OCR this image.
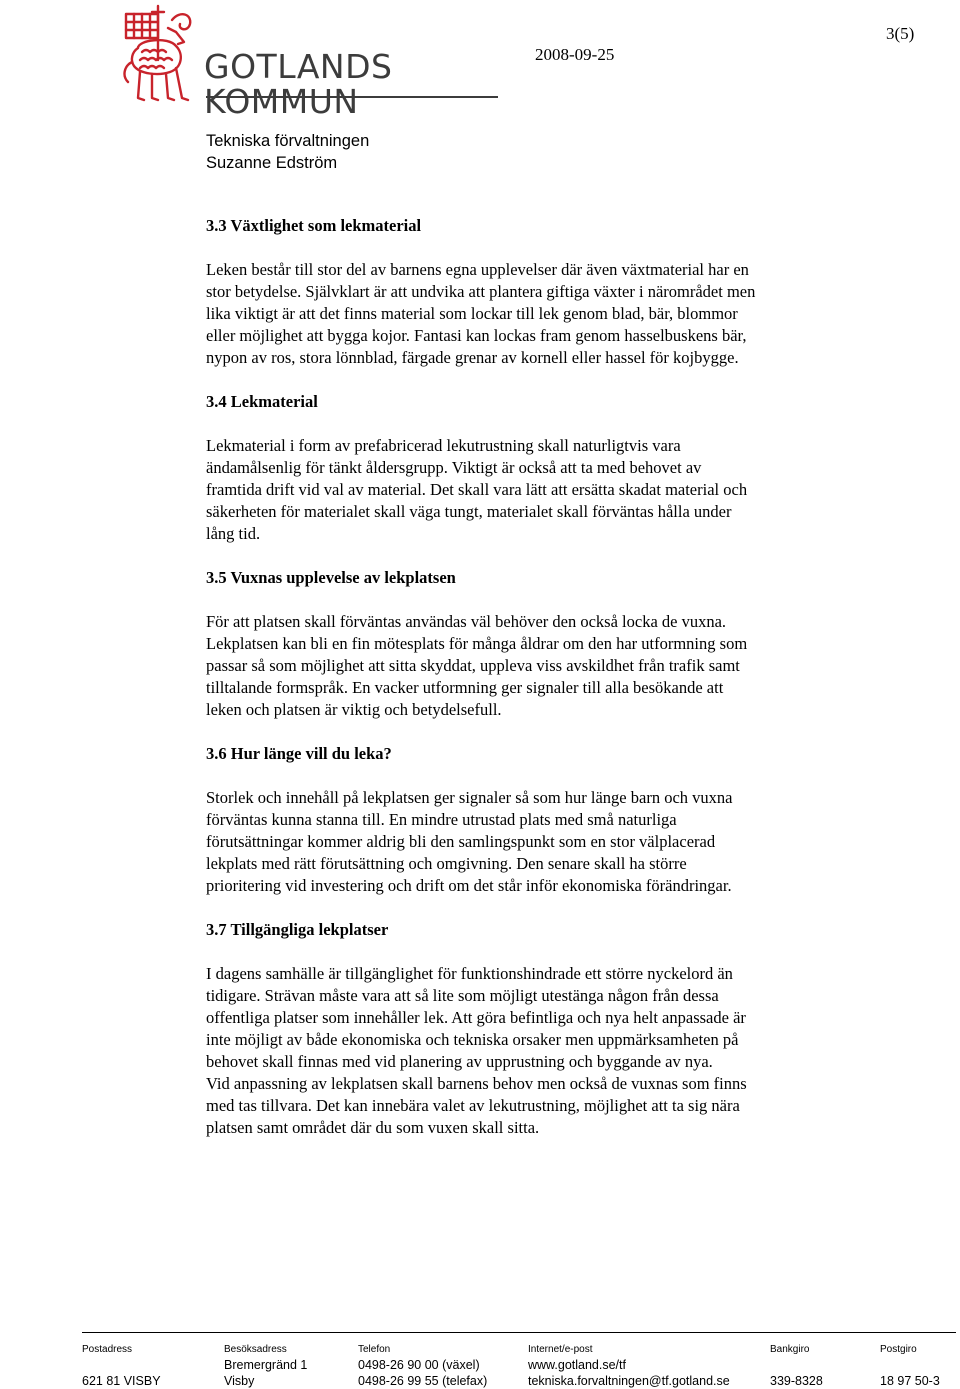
GOTLANDS
KOMMUN
2008-09-25
3(5)
Tekniska förvaltningen
Suzanne Edström
3.3 Växtlighet som lekmaterial
Leken består till stor del av barnens egna upplevelser där även växtmaterial har en
stor betydelse. Självklart är att undvika att plantera giftiga växter i närområdet men
lika viktigt är att det finns material som lockar till lek genom blad, bär, blommor
eller möjlighet att bygga kojor. Fantasi kan lockas fram genom hasselbuskens bär,
nypon av ros, stora lönnblad, färgade grenar av kornell eller hassel för kojbygge.
3.4 Lekmaterial
Lekmaterial i form av prefabricerad lekutrustning skall naturligtvis vara
ändamålsenlig för tänkt åldersgrupp. Viktigt är också att ta med behovet av
framtida drift vid val av material. Det skall vara lätt att ersätta skadat material och
säkerheten för materialet skall väga tungt, materialet skall förväntas hålla under
lång tid.
3.5 Vuxnas upplevelse av lekplatsen
För att platsen skall förväntas användas väl behöver den också locka de vuxna.
Lekplatsen kan bli en fin mötesplats för många åldrar om den har utformning som
passar så som möjlighet att sitta skyddat, uppleva viss avskildhet från trafik samt
tilltalande formspråk. En vacker utformning ger signaler till alla besökande att
leken och platsen är viktig och betydelsefull.
3.6 Hur länge vill du leka?
Storlek och innehåll på lekplatsen ger signaler så som hur länge barn och vuxna
förväntas kunna stanna till. En mindre utrustad plats med små naturliga
förutsättningar kommer aldrig bli den samlingspunkt som en stor välplacerad
lekplats med rätt förutsättning och omgivning. Den senare skall ha större
prioritering vid investering och drift om det står inför ekonomiska förändringar.
3.7 Tillgängliga lekplatser
I dagens samhälle är tillgänglighet för funktionshindrade ett större nyckelord än
tidigare. Strävan måste vara att så lite som möjligt utestänga någon från dessa
offentliga platser som innehåller lek. Att göra befintliga och nya helt anpassade är
inte möjligt av både ekonomiska och tekniska orsaker men uppmärksamheten på
behovet skall finnas med vid planering av upprustning och byggande av nya.
Vid anpassning av lekplatsen skall barnens behov men också de vuxnas som finns
med tas tillvara. Det kan innebära valet av lekutrustning, möjlighet att ta sig nära
platsen samt området där du som vuxen skall sitta.
Postadress
621 81 VISBY
Besöksadress
Bremergränd 1
Visby
Telefon
0498-26 90 00 (växel)
0498-26 99 55 (telefax)
Internet/e-post
www.gotland.se/tf
tekniska.forvaltningen@tf.gotland.se
Bankgiro
339-8328
Postgiro
18 97 50-3
